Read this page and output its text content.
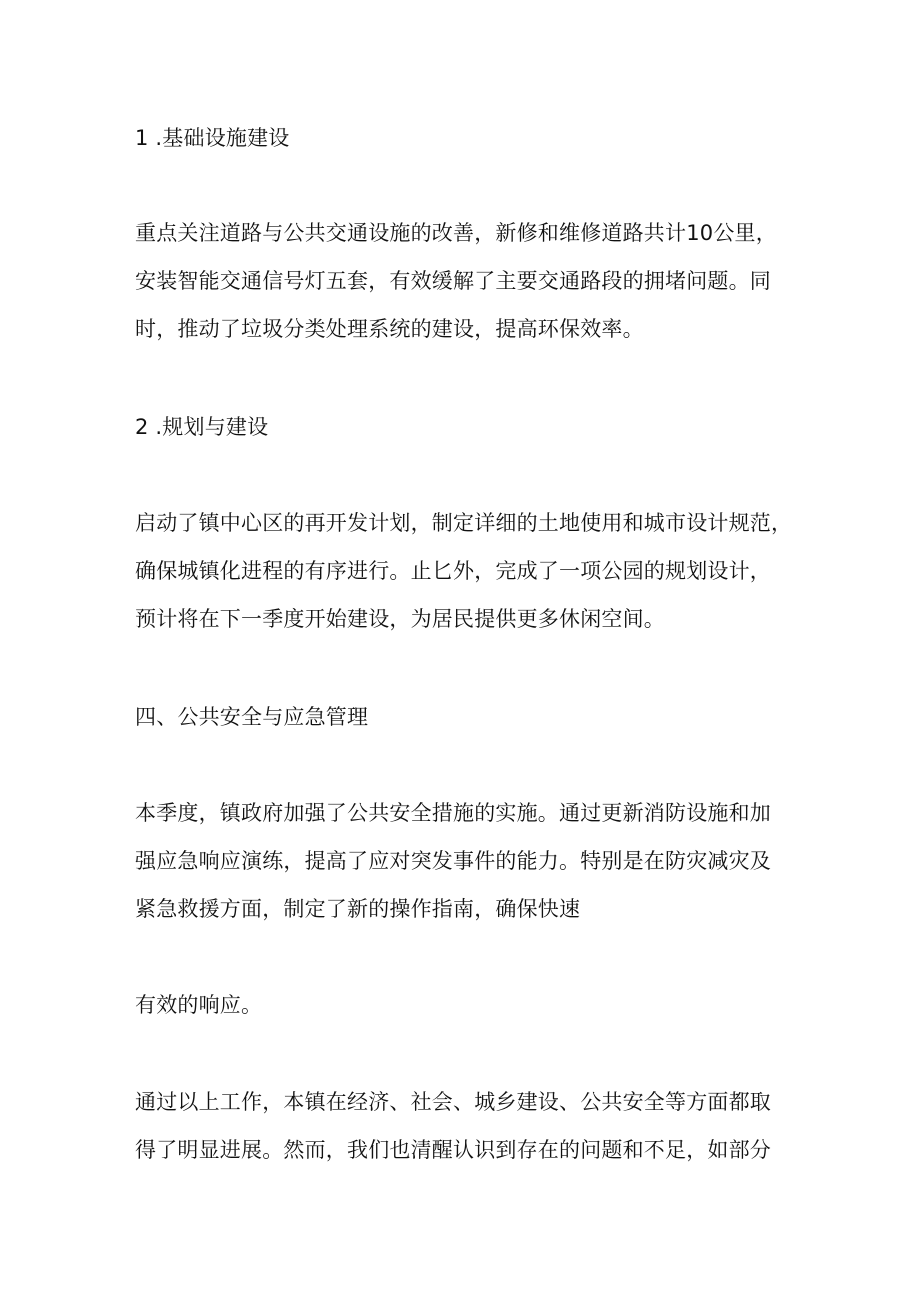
1 .基础设施建设
重点关注道路与公共交通设施的改善，新修和维修道路共计10公里，
安装智能交通信号灯五套，有效缓解了主要交通路段的拥堵问题。同
时，推动了垃圾分类处理系统的建设，提高环保效率。
2 .规划与建设
启动了镇中心区的再开发计划，制定详细的土地使用和城市设计规范，
确保城镇化进程的有序进行。止匕外，完成了一项公园的规划设计，
预计将在下一季度开始建设，为居民提供更多休闲空间。
四、公共安全与应急管理
本季度，镇政府加强了公共安全措施的实施。通过更新消防设施和加
强应急响应演练，提高了应对突发事件的能力。特别是在防灾减灾及
紧急救援方面，制定了新的操作指南，确保快速
有效的响应。
通过以上工作，本镇在经济、社会、城乡建设、公共安全等方面都取
得了明显进展。然而，我们也清醒认识到存在的问题和不足，如部分
